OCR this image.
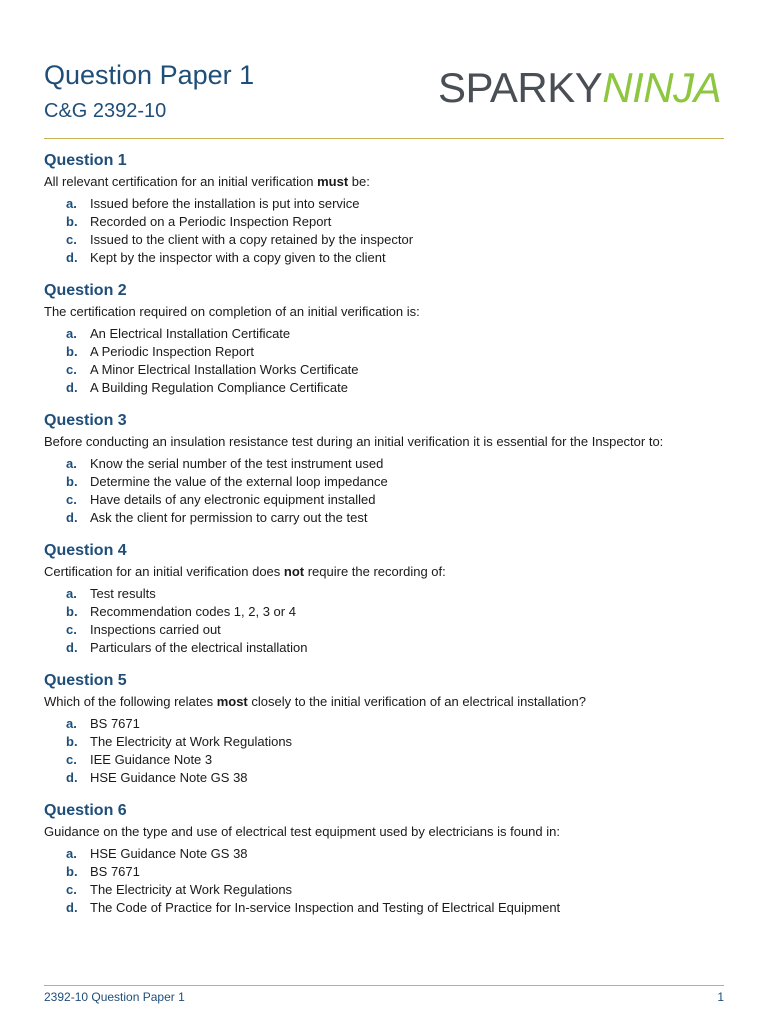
Question Paper 1
C&G 2392-10	SPARKYNINJA
Question 1
All relevant certification for an initial verification must be:
a.	Issued before the installation is put into service
b. Recorded on a Periodic Inspection Report
c.	Issued to the client with a copy retained by the inspector
d. Kept by the inspector with a copy given to the client
Question 2
The certification required on completion of an initial verification is:
a.	An Electrical Installation Certificate
b. A Periodic Inspection Report
c.	A Minor Electrical Installation Works Certificate
d. A Building Regulation Compliance Certificate
Question 3
Before conducting an insulation resistance test during an initial verification it is essential for the Inspector to:
a.	Know the serial number of the test instrument used
b. Determine the value of the external loop impedance
c.	Have details of any electronic equipment installed
d. Ask the client for permission to carry out the test
Question 4
Certification for an initial verification does not require the recording of:
a.	Test results
b. Recommendation codes 1, 2, 3 or 4
c.	Inspections carried out
d. Particulars of the electrical installation
Question 5
Which of the following relates most closely to the initial verification of an electrical installation?
a.	BS 7671
b. The Electricity at Work Regulations
c.	IEE Guidance Note 3
d. HSE Guidance Note GS 38
Question 6
Guidance on the type and use of electrical test equipment used by electricians is found in:
a.	HSE Guidance Note GS 38
b. BS 7671
c.	The Electricity at Work Regulations
d. The Code of Practice for In-service Inspection and Testing of Electrical Equipment
2392-10 Question Paper 1	1
